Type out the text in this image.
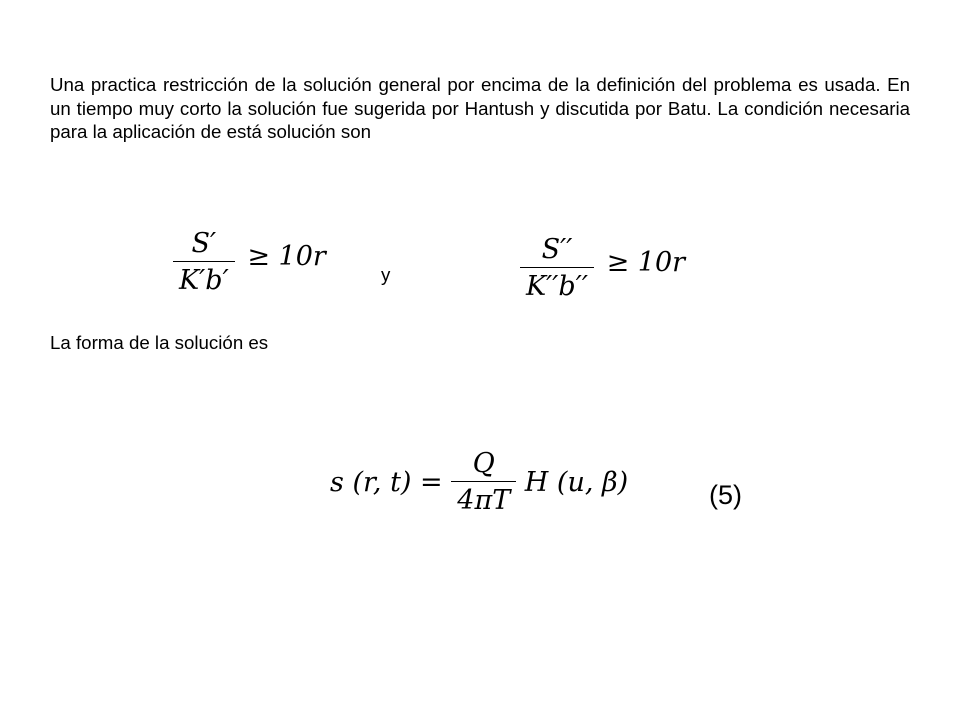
Una practica restricción de la solución general por encima de la definición del problema es usada. En un tiempo muy corto la solución fue sugerida por Hantush y discutida por Batu. La condición necesaria para la aplicación de está solución son

$\frac{S'}{K'b'} \ge 10r$
y	$\frac{S''}{K''b''} \ge 10r$

La forma de la solución es

s (r, $t) = \frac{Q}{4\pi T}$ H (u, β)	(5)
